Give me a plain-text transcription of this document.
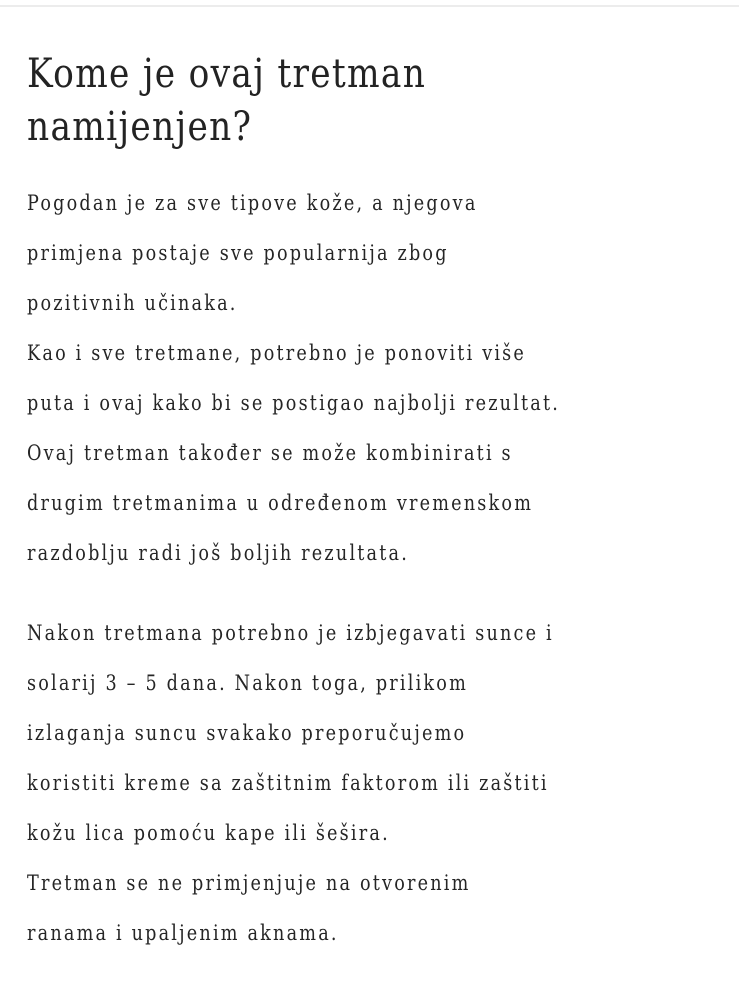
Kome je ovaj tretman
namijenjen?

Pogodan je za sve tipove kože, a njegova
primjena postaje sve popularnija zbog
pozitivnih učinaka.
Kao i sve tretmane, potrebno je ponoviti više
puta i ovaj kako bi se postigao najbolji rezultat.
Ovaj tretman također se može kombinirati s
drugim tretmanima u određenom vremenskom
razdoblju radi još boljih rezultata.

Nakon tretmana potrebno je izbjegavati sunce i
solarij 3 – 5 dana. Nakon toga, prilikom
izlaganja suncu svakako preporučujemo
koristiti kreme sa zaštitnim faktorom ili zaštiti
kožu lica pomoću kape ili šešira.
Tretman se ne primjenjuje na otvorenim
ranama i upaljenim aknama.
